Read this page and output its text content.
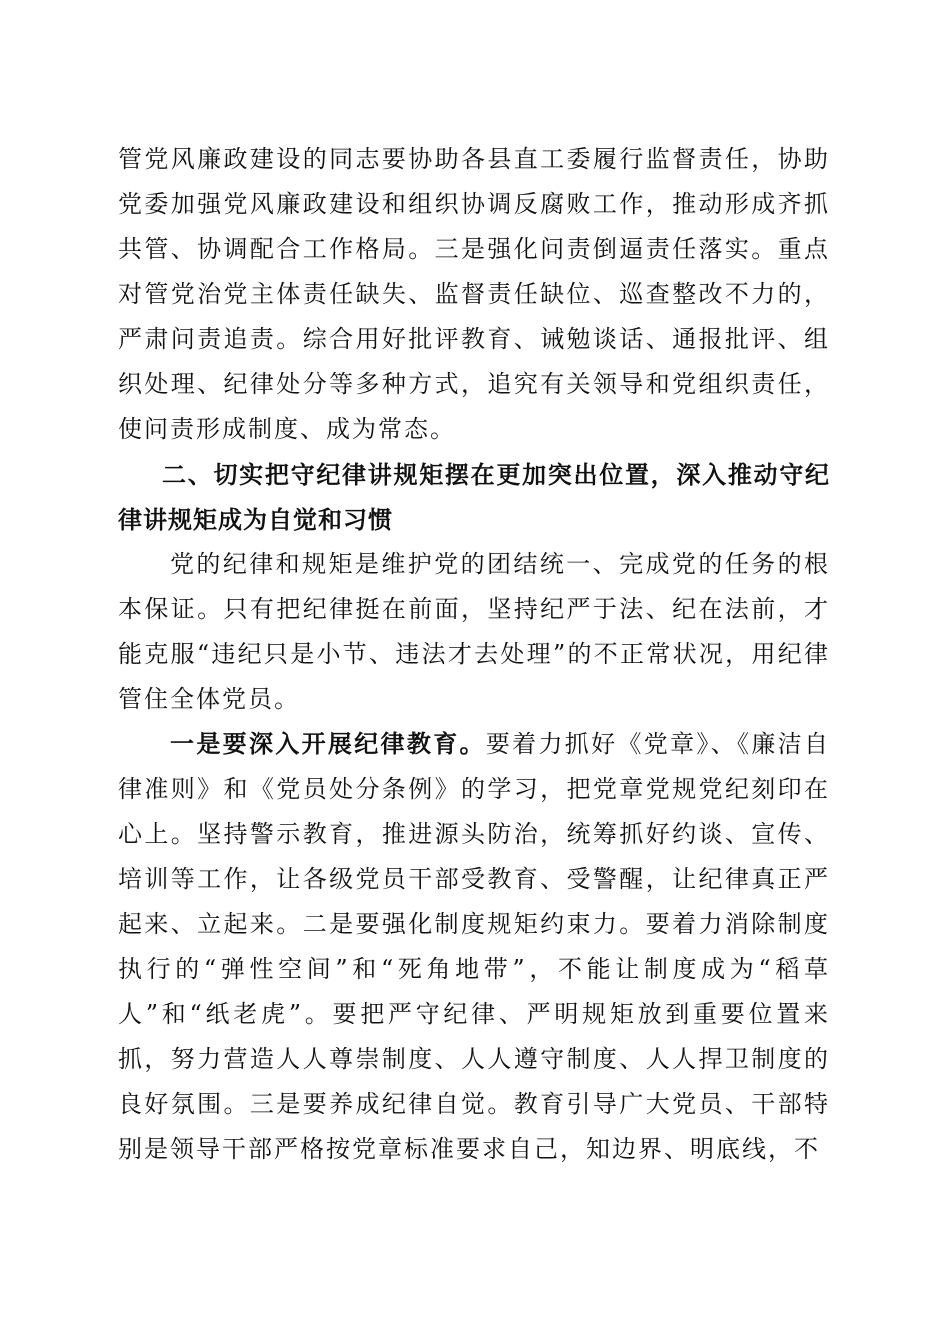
管党风廉政建设的同志要协助各县直工委履行监督责任，协助党委加强党风廉政建设和组织协调反腐败工作，推动形成齐抓共管、协调配合工作格局。三是强化问责倒逼责任落实。重点对管党治党主体责任缺失、监督责任缺位、巡查整改不力的，严肃问责追责。综合用好批评教育、诫勉谈话、通报批评、组织处理、纪律处分等多种方式，追究有关领导和党组织责任，使问责形成制度、成为常态。

二、切实把守纪律讲规矩摆在更加突出位置，深入推动守纪律讲规矩成为自觉和习惯

党的纪律和规矩是维护党的团结统一、完成党的任务的根本保证。只有把纪律挺在前面，坚持纪严于法、纪在法前，才能克服“违纪只是小节、违法才去处理”的不正常状况，用纪律管住全体党员。

一是要深入开展纪律教育。要着力抓好《党章》、《廉洁自律准则》和《党员处分条例》的学习，把党章党规党纪刻印在心上。坚持警示教育，推进源头防治，统筹抓好约谈、宣传、培训等工作，让各级党员干部受教育、受警醒，让纪律真正严起来、立起来。二是要强化制度规矩约束力。要着力消除制度执行的“弹性空间”和“死角地带”，不能让制度成为“稻草人”和“纸老虎”。要把严守纪律、严明规矩放到重要位置来抓，努力营造人人尊崇制度、人人遵守制度、人人捍卫制度的良好氛围。三是要养成纪律自觉。教育引导广大党员、干部特别是领导干部严格按党章标准要求自己，知边界、明底线，不
